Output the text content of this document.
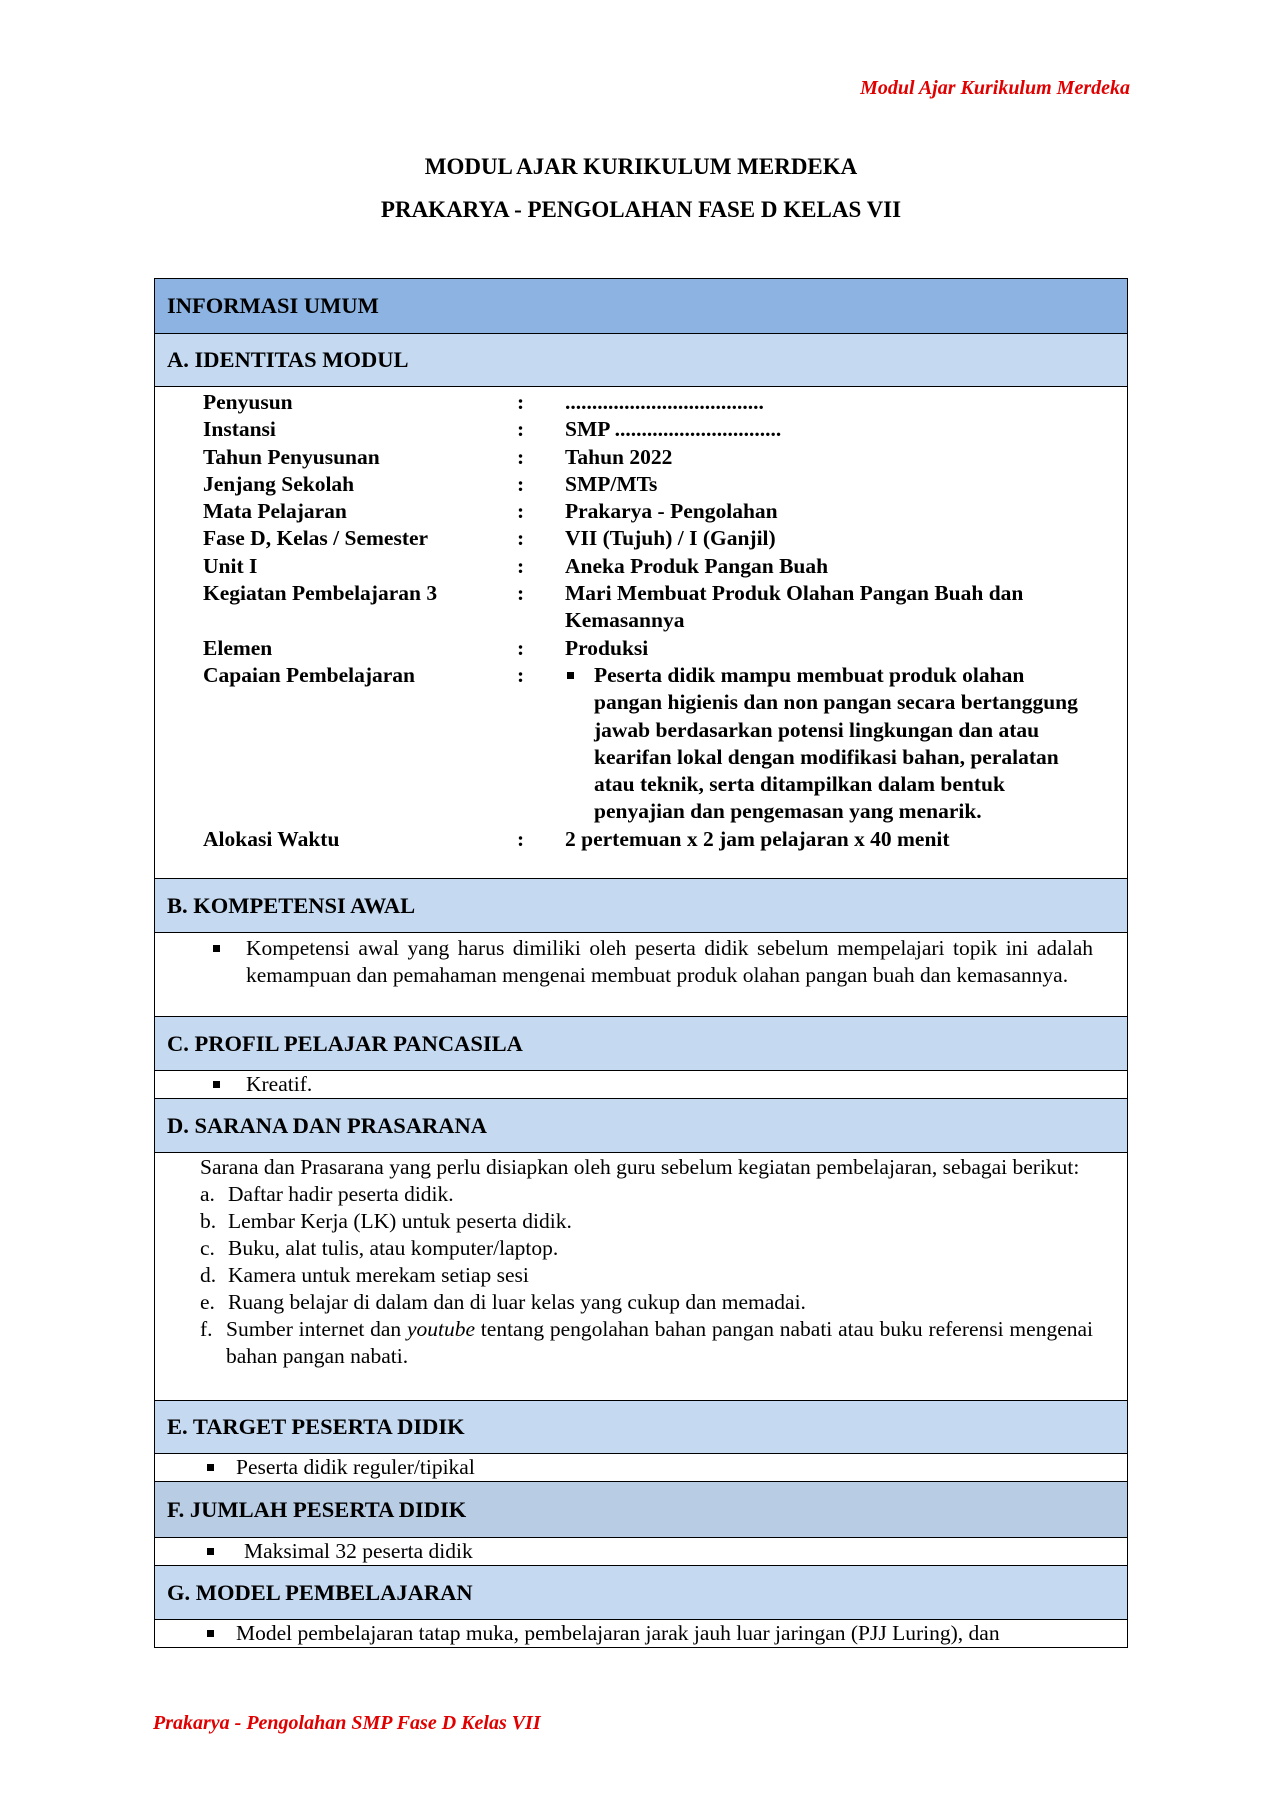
Modul Ajar Kurikulum Merdeka
MODUL AJAR KURIKULUM MERDEKA
PRAKARYA - PENGOLAHAN FASE D KELAS VII
INFORMASI UMUM
A. IDENTITAS MODUL
Penyusun	:	.....................................
Instansi	:	SMP ...............................
Tahun Penyusunan	:	Tahun 2022
Jenjang Sekolah	:	SMP/MTs
Mata Pelajaran	:	Prakarya - Pengolahan
Fase D, Kelas / Semester	:	VII (Tujuh) / I (Ganjil)
Unit I	:	Aneka Produk Pangan Buah
Kegiatan Pembelajaran 3	:	Mari Membuat Produk Olahan Pangan Buah dan Kemasannya
Elemen	:	Produksi
Capaian Pembelajaran	:	Peserta didik mampu membuat produk olahan pangan higienis dan non pangan secara bertanggung jawab berdasarkan potensi lingkungan dan atau kearifan lokal dengan modifikasi bahan, peralatan atau teknik, serta ditampilkan dalam bentuk penyajian dan pengemasan yang menarik.
Alokasi Waktu	:	2 pertemuan x 2 jam pelajaran x 40 menit
B. KOMPETENSI AWAL
Kompetensi awal yang harus dimiliki oleh peserta didik sebelum mempelajari topik ini adalah kemampuan dan pemahaman mengenai membuat produk olahan pangan buah dan kemasannya.
C. PROFIL PELAJAR PANCASILA
Kreatif.
D. SARANA DAN PRASARANA
Sarana dan Prasarana yang perlu disiapkan oleh guru sebelum kegiatan pembelajaran, sebagai berikut:
a. Daftar hadir peserta didik.
b. Lembar Kerja (LK) untuk peserta didik.
c. Buku, alat tulis, atau komputer/laptop.
d. Kamera untuk merekam setiap sesi
e. Ruang belajar di dalam dan di luar kelas yang cukup dan memadai.
f. Sumber internet dan youtube tentang pengolahan bahan pangan nabati atau buku referensi mengenai bahan pangan nabati.
E. TARGET PESERTA DIDIK
Peserta didik reguler/tipikal
F. JUMLAH PESERTA DIDIK
Maksimal 32 peserta didik
G. MODEL PEMBELAJARAN
Model pembelajaran tatap muka, pembelajaran jarak jauh luar jaringan (PJJ Luring), dan
Prakarya - Pengolahan SMP Fase D Kelas VII
